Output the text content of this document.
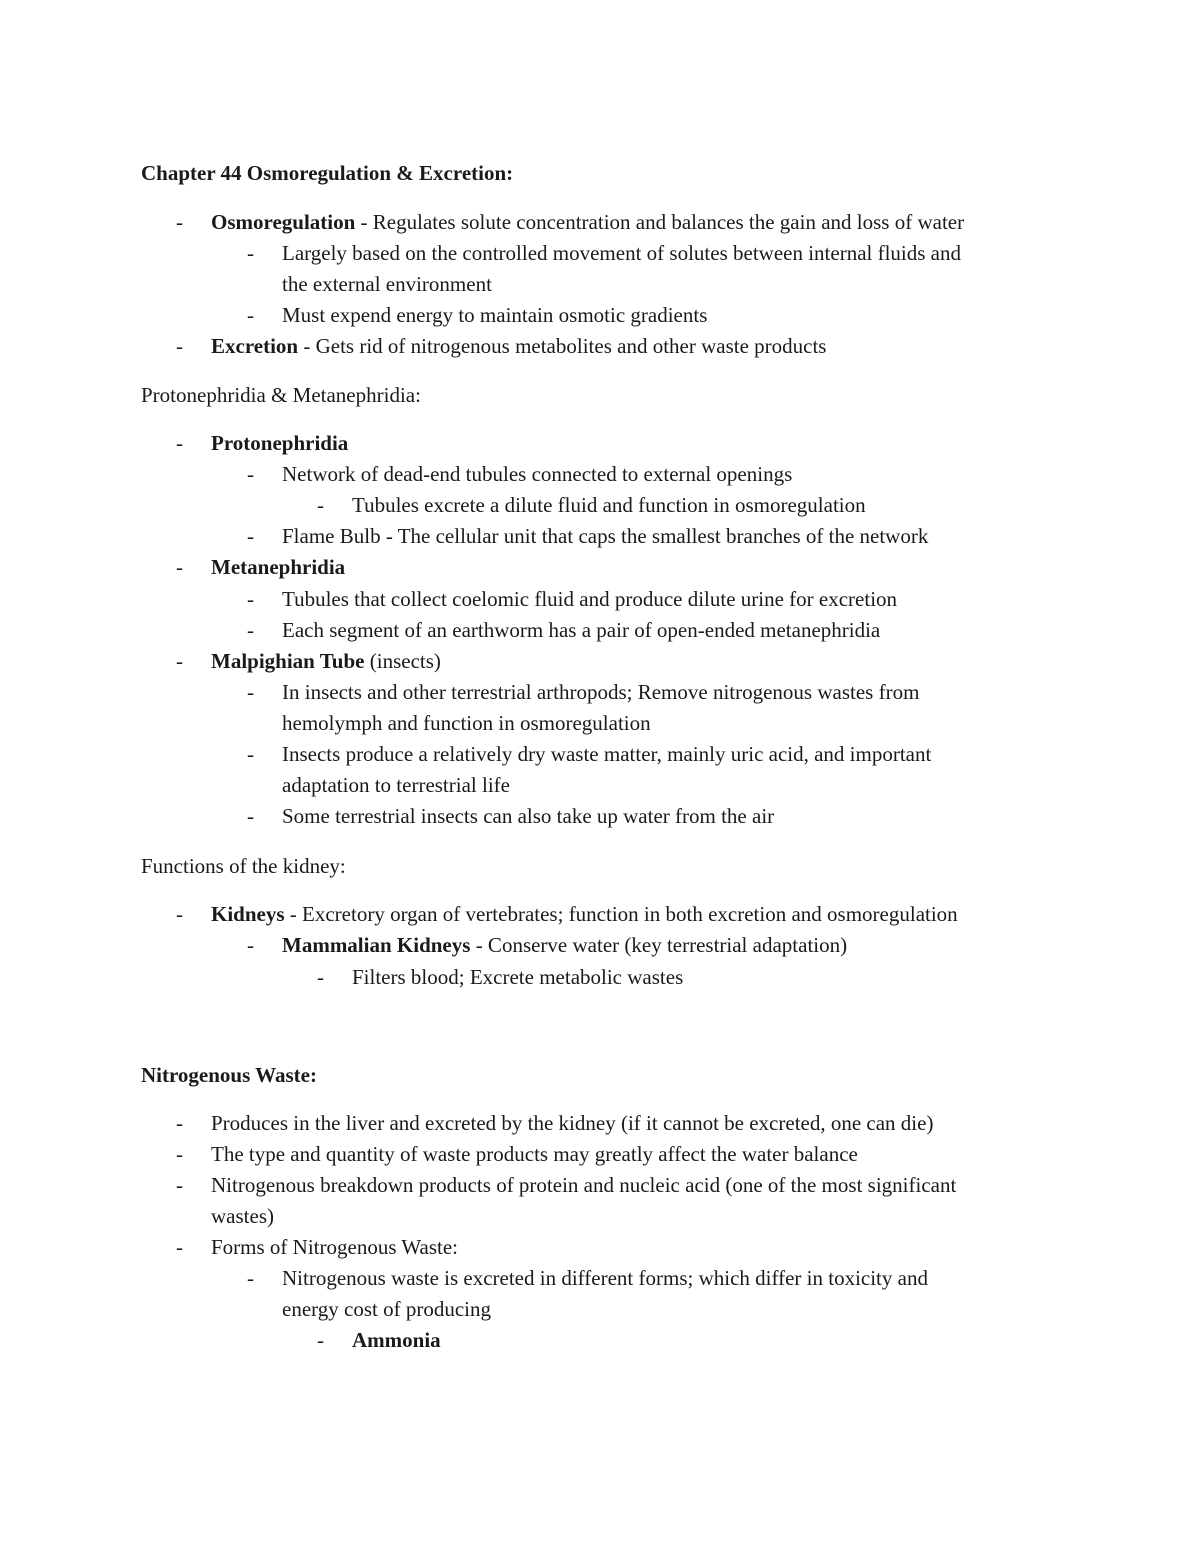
Chapter 44 Osmoregulation & Excretion:

- Osmoregulation - Regulates solute concentration and balances the gain and loss of water
- Largely based on the controlled movement of solutes between internal fluids and
the external environment
- Must expend energy to maintain osmotic gradients
- Excretion - Gets rid of nitrogenous metabolites and other waste products

Protonephridia & Metanephridia:

- Protonephridia
- Network of dead-end tubules connected to external openings
- Tubules excrete a dilute fluid and function in osmoregulation
- Flame Bulb - The cellular unit that caps the smallest branches of the network
- Metanephridia
- Tubules that collect coelomic fluid and produce dilute urine for excretion
- Each segment of an earthworm has a pair of open-ended metanephridia
- Malpighian Tube (insects)
- In insects and other terrestrial arthropods; Remove nitrogenous wastes from
hemolymph and function in osmoregulation
- Insects produce a relatively dry waste matter, mainly uric acid, and important
adaptation to terrestrial life
- Some terrestrial insects can also take up water from the air

Functions of the kidney:

- Kidneys - Excretory organ of vertebrates; function in both excretion and osmoregulation
- Mammalian Kidneys - Conserve water (key terrestrial adaptation)
- Filters blood; Excrete metabolic wastes

Nitrogenous Waste:

- Produces in the liver and excreted by the kidney (if it cannot be excreted, one can die)
- The type and quantity of waste products may greatly affect the water balance
- Nitrogenous breakdown products of protein and nucleic acid (one of the most significant
wastes)
- Forms of Nitrogenous Waste:
- Nitrogenous waste is excreted in different forms; which differ in toxicity and
energy cost of producing
- Ammonia
